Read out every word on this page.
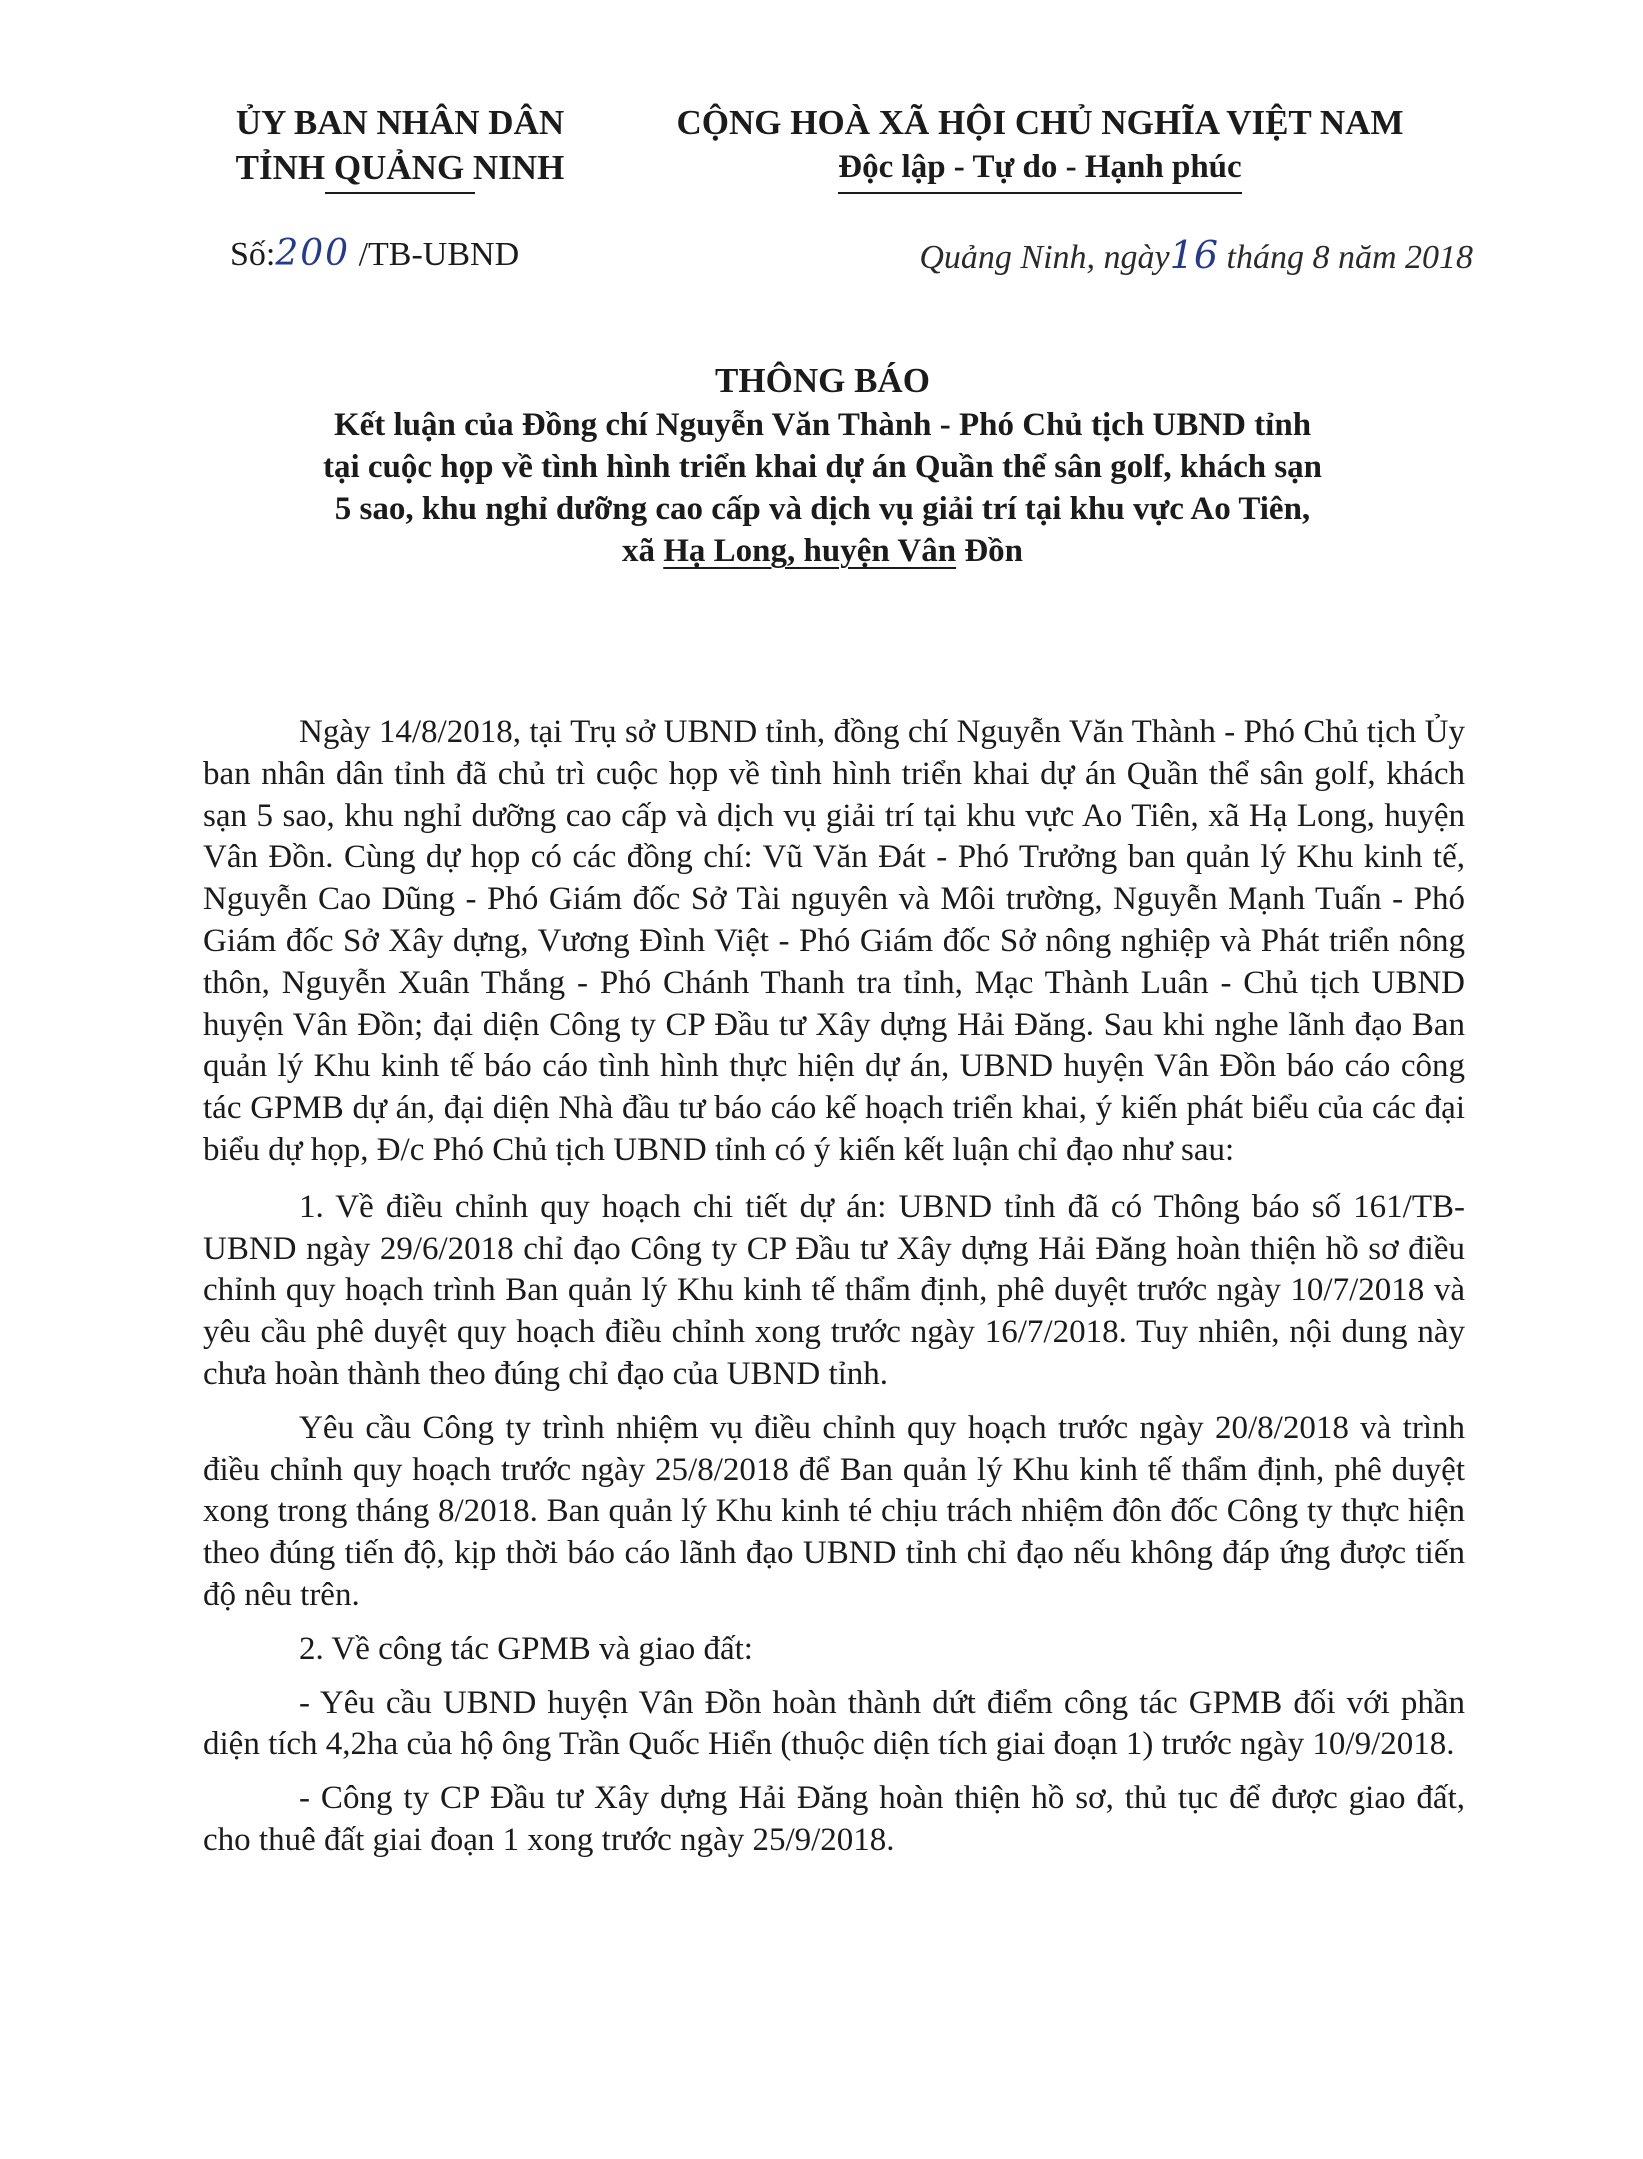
ỦY BAN NHÂN DÂN
TỈNH QUẢNG NINH
CỘNG HOÀ XÃ HỘI CHỦ NGHĨA VIỆT NAM
Độc lập - Tự do - Hạnh phúc
Số:200 /TB-UBND	Quảng Ninh, ngày16 tháng 8 năm 2018
THÔNG BÁO
Kết luận của Đồng chí Nguyễn Văn Thành - Phó Chủ tịch UBND tỉnh
tại cuộc họp về tình hình triển khai dự án Quần thể sân golf, khách sạn
5 sao, khu nghỉ dưỡng cao cấp và dịch vụ giải trí tại khu vực Ao Tiên,
xã Hạ Long, huyện Vân Đồn

Ngày 14/8/2018, tại Trụ sở UBND tỉnh, đồng chí Nguyễn Văn Thành - Phó Chủ tịch Ủy ban nhân dân tỉnh đã chủ trì cuộc họp về tình hình triển khai dự án Quần thể sân golf, khách sạn 5 sao, khu nghỉ dưỡng cao cấp và dịch vụ giải trí tại khu vực Ao Tiên, xã Hạ Long, huyện Vân Đồn. Cùng dự họp có các đồng chí: Vũ Văn Đát - Phó Trưởng ban quản lý Khu kinh tế, Nguyễn Cao Dũng - Phó Giám đốc Sở Tài nguyên và Môi trường, Nguyễn Mạnh Tuấn - Phó Giám đốc Sở Xây dựng, Vương Đình Việt - Phó Giám đốc Sở nông nghiệp và Phát triển nông thôn, Nguyễn Xuân Thắng - Phó Chánh Thanh tra tỉnh, Mạc Thành Luân - Chủ tịch UBND huyện Vân Đồn; đại diện Công ty CP Đầu tư Xây dựng Hải Đăng. Sau khi nghe lãnh đạo Ban quản lý Khu kinh tế báo cáo tình hình thực hiện dự án, UBND huyện Vân Đồn báo cáo công tác GPMB dự án, đại diện Nhà đầu tư báo cáo kế hoạch triển khai, ý kiến phát biểu của các đại biểu dự họp, Đ/c Phó Chủ tịch UBND tỉnh có ý kiến kết luận chỉ đạo như sau:

1. Về điều chỉnh quy hoạch chi tiết dự án: UBND tỉnh đã có Thông báo số 161/TB-UBND ngày 29/6/2018 chỉ đạo Công ty CP Đầu tư Xây dựng Hải Đăng hoàn thiện hồ sơ điều chỉnh quy hoạch trình Ban quản lý Khu kinh tế thẩm định, phê duyệt trước ngày 10/7/2018 và yêu cầu phê duyệt quy hoạch điều chỉnh xong trước ngày 16/7/2018. Tuy nhiên, nội dung này chưa hoàn thành theo đúng chỉ đạo của UBND tỉnh.

Yêu cầu Công ty trình nhiệm vụ điều chỉnh quy hoạch trước ngày 20/8/2018 và trình điều chỉnh quy hoạch trước ngày 25/8/2018 để Ban quản lý Khu kinh tế thẩm định, phê duyệt xong trong tháng 8/2018. Ban quản lý Khu kinh té chịu trách nhiệm đôn đốc Công ty thực hiện theo đúng tiến độ, kịp thời báo cáo lãnh đạo UBND tỉnh chỉ đạo nếu không đáp ứng được tiến độ nêu trên.

2. Về công tác GPMB và giao đất:

- Yêu cầu UBND huyện Vân Đồn hoàn thành dứt điểm công tác GPMB đối với phần diện tích 4,2ha của hộ ông Trần Quốc Hiển (thuộc diện tích giai đoạn 1) trước ngày 10/9/2018.

- Công ty CP Đầu tư Xây dựng Hải Đăng hoàn thiện hồ sơ, thủ tục để được giao đất, cho thuê đất giai đoạn 1 xong trước ngày 25/9/2018.
